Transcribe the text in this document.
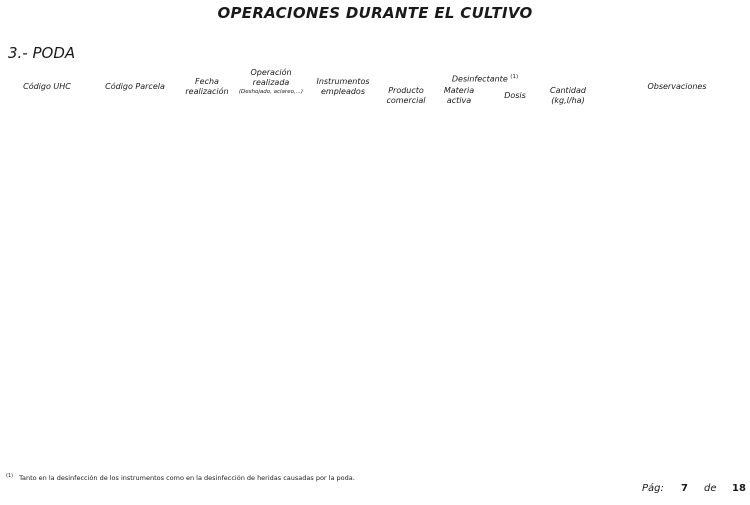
OPERACIONES DURANTE EL CULTIVO
3.- PODA
Código UHC	Código Parcela
Fecha
realización
Operación
realizada
(Deshojado, aclareo,...)
Instrumentos
empleados
Desinfectante $^{(1)}$
Producto
comercial
Materia
activa
Dosis
Cantidad
(kg,l/ha)
Observaciones
$^{(1)}$ Tanto en la desinfección de los instrumentos como en la desinfección de heridas causadas por la poda.
Pág: 7 de 18
